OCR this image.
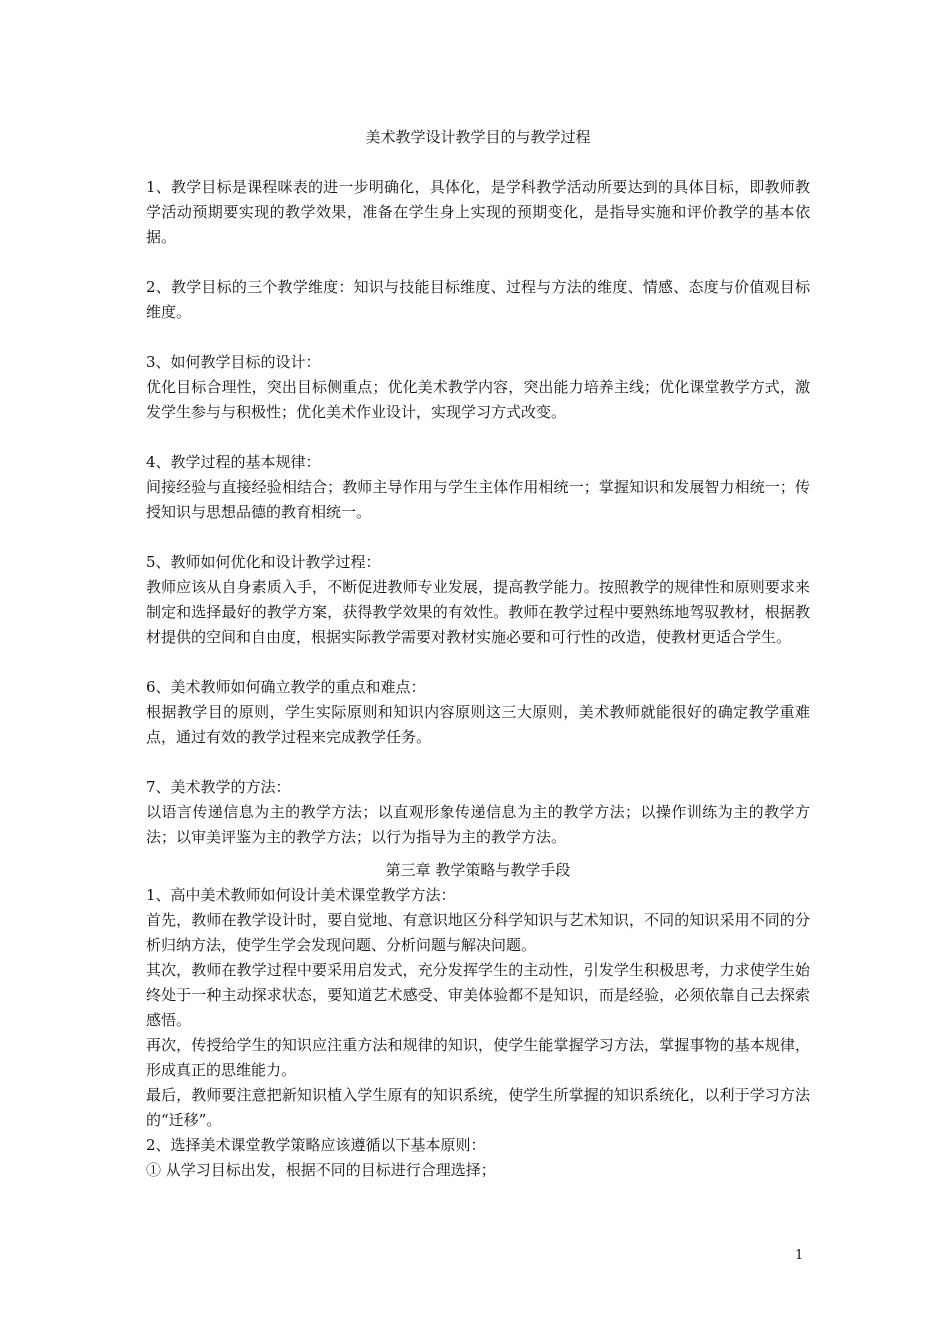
美术教学设计教学目的与教学过程

1、教学目标是课程咪表的进一步明确化，具体化，是学科教学活动所要达到的具体目标，即教师教学活动预期要实现的教学效果，准备在学生身上实现的预期变化，是指导实施和评价教学的基本依据。

2、教学目标的三个教学维度：知识与技能目标维度、过程与方法的维度、情感、态度与价值观目标维度。

3、如何教学目标的设计：

优化目标合理性，突出目标侧重点；优化美术教学内容，突出能力培养主线；优化课堂教学方式，激发学生参与与积极性；优化美术作业设计，实现学习方式改变。

4、教学过程的基本规律：

间接经验与直接经验相结合；教师主导作用与学生主体作用相统一；掌握知识和发展智力相统一；传授知识与思想品德的教育相统一。

5、教师如何优化和设计教学过程：

教师应该从自身素质入手，不断促进教师专业发展，提高教学能力。按照教学的规律性和原则要求来制定和选择最好的教学方案，获得教学效果的有效性。教师在教学过程中要熟练地驾驭教材，根据教材提供的空间和自由度，根据实际教学需要对教材实施必要和可行性的改造，使教材更适合学生。

6、美术教师如何确立教学的重点和难点：

根据教学目的原则，学生实际原则和知识内容原则这三大原则，美术教师就能很好的确定教学重难点，通过有效的教学过程来完成教学任务。

7、美术教学的方法：

以语言传递信息为主的教学方法；以直观形象传递信息为主的教学方法；以操作训练为主的教学方法；以审美评鉴为主的教学方法；以行为指导为主的教学方法。

第三章 教学策略与教学手段

1、高中美术教师如何设计美术课堂教学方法：

首先，教师在教学设计时，要自觉地、有意识地区分科学知识与艺术知识，不同的知识采用不同的分析归纳方法，使学生学会发现问题、分析问题与解决问题。

其次，教师在教学过程中要采用启发式，充分发挥学生的主动性，引发学生积极思考，力求使学生始终处于一种主动探求状态，要知道艺术感受、审美体验都不是知识，而是经验，必须依靠自己去探索感悟。

再次，传授给学生的知识应注重方法和规律的知识，使学生能掌握学习方法，掌握事物的基本规律，形成真正的思维能力。

最后，教师要注意把新知识植入学生原有的知识系统，使学生所掌握的知识系统化，以利于学习方法的“迁移”。

2、选择美术课堂教学策略应该遵循以下基本原则：

① 从学习目标出发，根据不同的目标进行合理选择；

1
